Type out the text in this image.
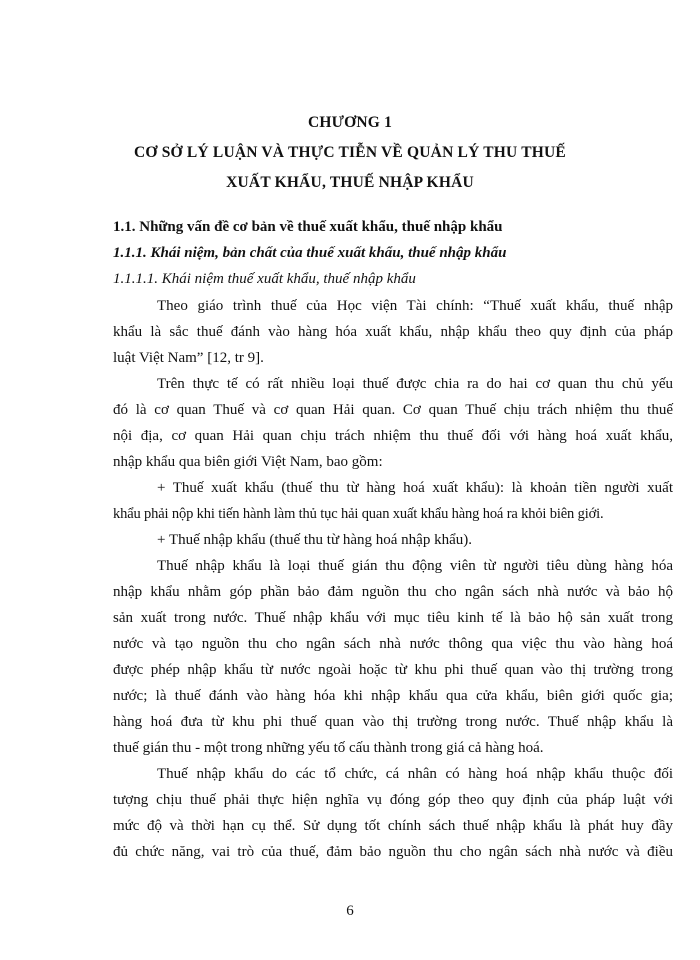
CHƯƠNG 1
CƠ SỞ LÝ LUẬN VÀ THỰC TIỄN VỀ QUẢN LÝ THU THUẾ
XUẤT KHẨU, THUẾ NHẬP KHẨU
1.1. Những vấn đề cơ bản về thuế xuất khẩu, thuế nhập khẩu
1.1.1. Khái niệm, bản chất của thuế xuất khẩu, thuế nhập khẩu
1.1.1.1. Khái niệm thuế xuất khẩu, thuế nhập khẩu
Theo giáo trình thuế của Học viện Tài chính: “Thuế xuất khẩu, thuế nhập
khẩu là sắc thuế đánh vào hàng hóa xuất khẩu, nhập khẩu theo quy định của pháp
luật Việt Nam” [12, tr 9].
Trên thực tế có rất nhiều loại thuế được chia ra do hai cơ quan thu chủ yếu
đó là cơ quan Thuế và cơ quan Hải quan. Cơ quan Thuế chịu trách nhiệm thu thuế
nội địa, cơ quan Hải quan chịu trách nhiệm thu thuế đối với hàng hoá xuất khẩu,
nhập khẩu qua biên giới Việt Nam, bao gồm:
+ Thuế xuất khẩu (thuế thu từ hàng hoá xuất khẩu): là khoản tiền người xuất
khẩu phải nộp khi tiến hành làm thủ tục hải quan xuất khẩu hàng hoá ra khỏi biên giới.
+ Thuế nhập khẩu (thuế thu từ hàng hoá nhập khẩu).
Thuế nhập khẩu là loại thuế gián thu động viên từ người tiêu dùng hàng hóa
nhập khẩu nhằm góp phần bảo đảm nguồn thu cho ngân sách nhà nước và bảo hộ
sản xuất trong nước. Thuế nhập khẩu với mục tiêu kinh tế là bảo hộ sản xuất trong
nước và tạo nguồn thu cho ngân sách nhà nước thông qua việc thu vào hàng hoá
được phép nhập khẩu từ nước ngoài hoặc từ khu phi thuế quan vào thị trường trong
nước; là thuế đánh vào hàng hóa khi nhập khẩu qua cửa khẩu, biên giới quốc gia;
hàng hoá đưa từ khu phi thuế quan vào thị trường trong nước. Thuế nhập khẩu là
thuế gián thu - một trong những yếu tố cấu thành trong giá cả hàng hoá.
Thuế nhập khẩu do các tổ chức, cá nhân có hàng hoá nhập khẩu thuộc đối
tượng chịu thuế phải thực hiện nghĩa vụ đóng góp theo quy định của pháp luật với
mức độ và thời hạn cụ thể. Sử dụng tốt chính sách thuế nhập khẩu là phát huy đầy
đủ chức năng, vai trò của thuế, đảm bảo nguồn thu cho ngân sách nhà nước và điều
6
